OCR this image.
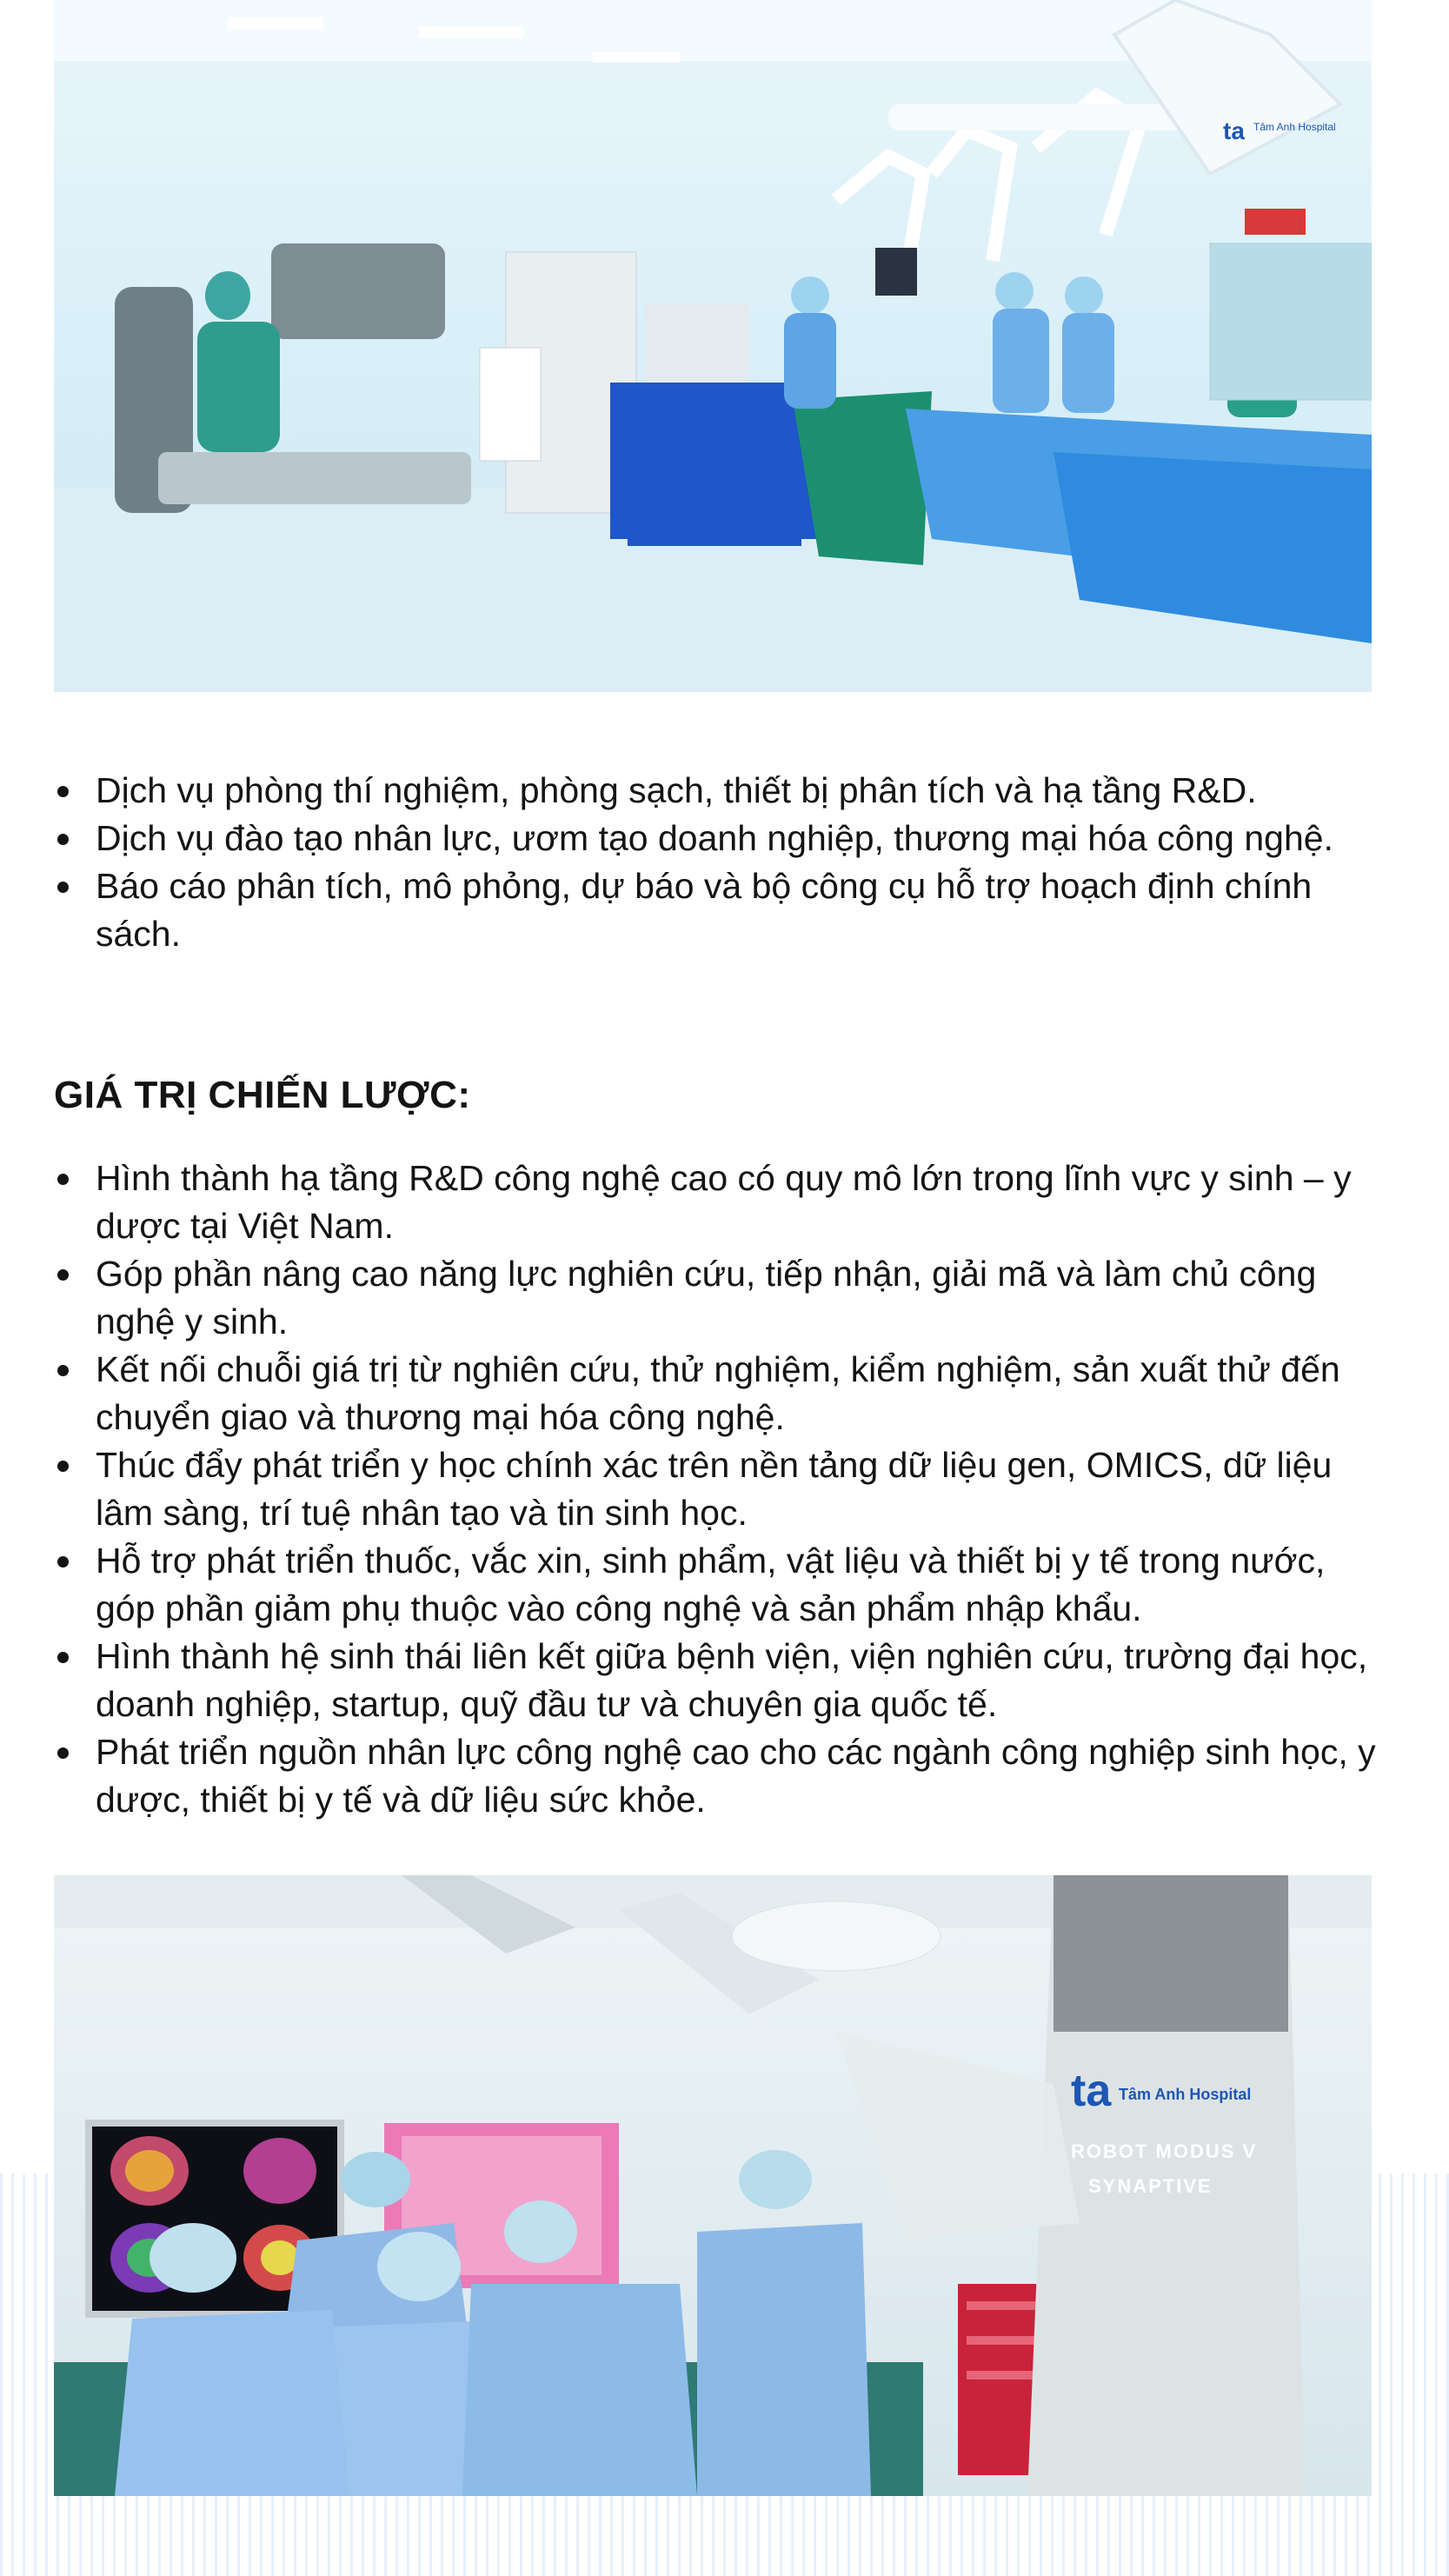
ta Tâm Anh Hospital
Dịch vụ phòng thí nghiệm, phòng sạch, thiết bị phân tích và hạ tầng R&D.
Dịch vụ đào tạo nhân lực, ươm tạo doanh nghiệp, thương mại hóa công nghệ.
Báo cáo phân tích, mô phỏng, dự báo và bộ công cụ hỗ trợ hoạch định chính sách.
GIÁ TRỊ CHIẾN LƯỢC:
Hình thành hạ tầng R&D công nghệ cao có quy mô lớn trong lĩnh vực y sinh – y dược tại Việt Nam.
Góp phần nâng cao năng lực nghiên cứu, tiếp nhận, giải mã và làm chủ công nghệ y sinh.
Kết nối chuỗi giá trị từ nghiên cứu, thử nghiệm, kiểm nghiệm, sản xuất thử đến chuyển giao và thương mại hóa công nghệ.
Thúc đẩy phát triển y học chính xác trên nền tảng dữ liệu gen, OMICS, dữ liệu lâm sàng, trí tuệ nhân tạo và tin sinh học.
Hỗ trợ phát triển thuốc, vắc xin, sinh phẩm, vật liệu và thiết bị y tế trong nước, góp phần giảm phụ thuộc vào công nghệ và sản phẩm nhập khẩu.
Hình thành hệ sinh thái liên kết giữa bệnh viện, viện nghiên cứu, trường đại học, doanh nghiệp, startup, quỹ đầu tư và chuyên gia quốc tế.
Phát triển nguồn nhân lực công nghệ cao cho các ngành công nghiệp sinh học, y dược, thiết bị y tế và dữ liệu sức khỏe.
ta Tâm Anh Hospital
ROBOT MODUS V
SYNAPTIVE
